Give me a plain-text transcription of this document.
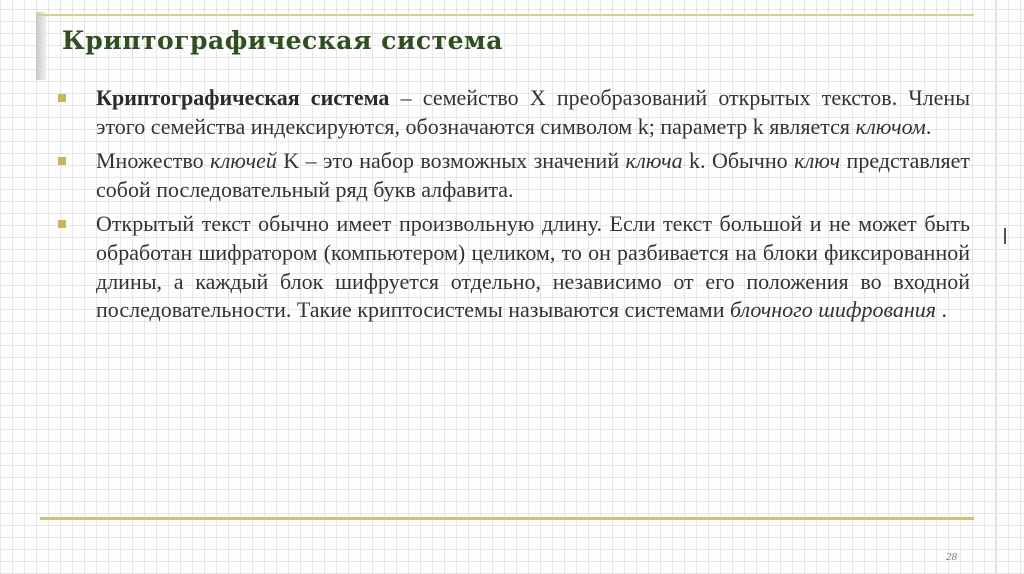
Криптографическая система

Криптографическая система – семейство X преобразований открытых текстов. Члены этого семейства индексируются, обозначаются символом k; параметр k является ключом.

Множество ключей K – это набор возможных значений ключа k. Обычно ключ представляет собой последовательный ряд букв алфавита.

Открытый текст обычно имеет произвольную длину. Если текст большой и не может быть обработан шифратором (компьютером) целиком, то он разбивается на блоки фиксированной длины, а каждый блок шифруется отдельно, независимо от его положения во входной последовательности. Такие криптосистемы называются системами блочного шифрования .

28
